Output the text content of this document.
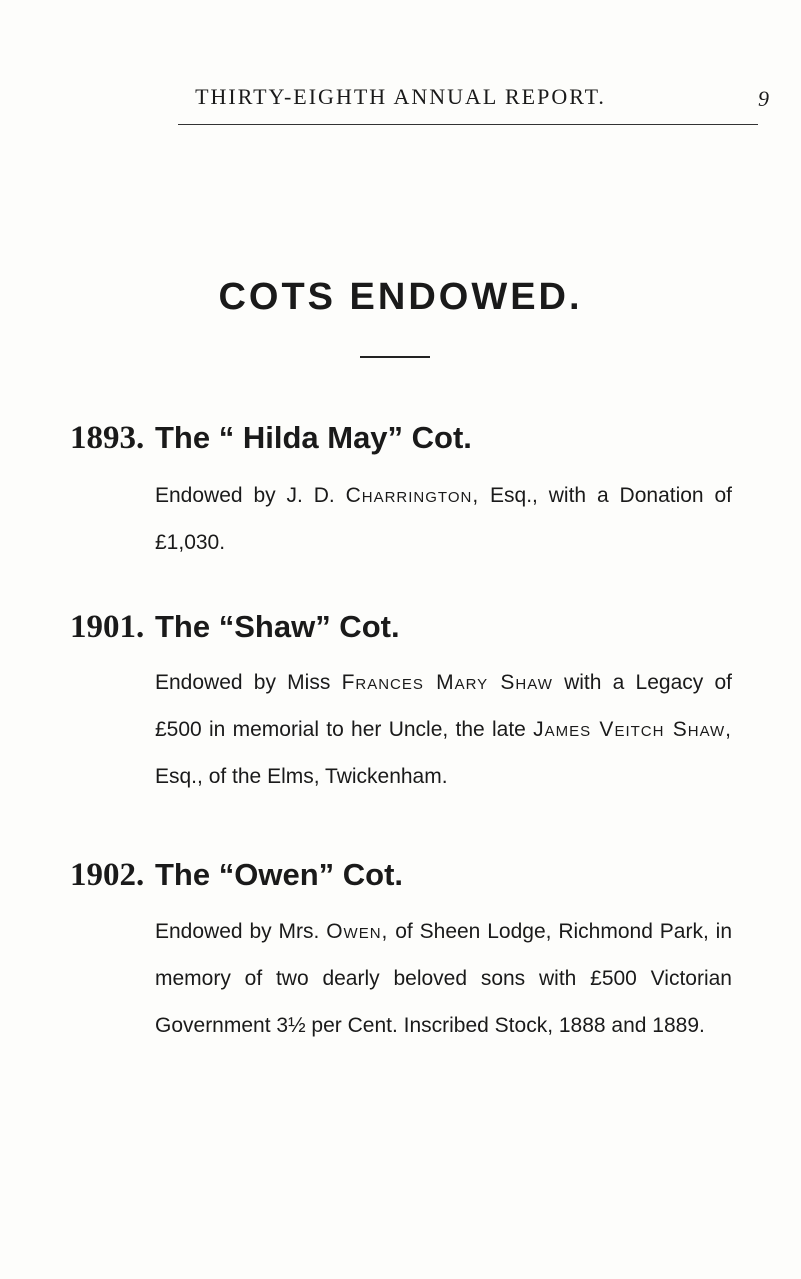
THIRTY-EIGHTH ANNUAL REPORT.	9
COTS ENDOWED.
1893. The “ Hilda May” Cot.
Endowed by J. D. Charrington, Esq., with a Donation of £1,030.
1901. The “Shaw” Cot.
Endowed by Miss Frances Mary Shaw with a Legacy of £500 in memorial to her Uncle, the late James Veitch Shaw, Esq., of the Elms, Twickenham.
1902. The “Owen” Cot.
Endowed by Mrs. Owen, of Sheen Lodge, Richmond Park, in memory of two dearly beloved sons with £500 Victorian Government 3½ per Cent. Inscribed Stock, 1888 and 1889.
